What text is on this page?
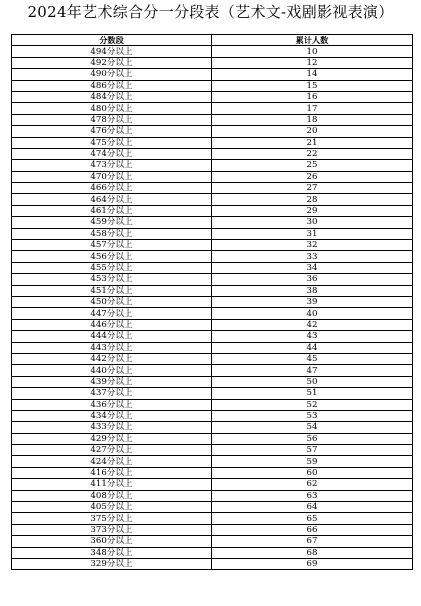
2024年艺术综合分一分段表（艺术文-戏剧影视表演）
分数段	累计人数
494分以上	10
492分以上	12
490分以上	14
486分以上	15
484分以上	16
480分以上	17
478分以上	18
476分以上	20
475分以上	21
474分以上	22
473分以上	25
470分以上	26
466分以上	27
464分以上	28
461分以上	29
459分以上	30
458分以上	31
457分以上	32
456分以上	33
455分以上	34
453分以上	36
451分以上	38
450分以上	39
447分以上	40
446分以上	42
444分以上	43
443分以上	44
442分以上	45
440分以上	47
439分以上	50
437分以上	51
436分以上	52
434分以上	53
433分以上	54
429分以上	56
427分以上	57
424分以上	59
416分以上	60
411分以上	62
408分以上	63
405分以上	64
375分以上	65
373分以上	66
360分以上	67
348分以上	68
329分以上	69
